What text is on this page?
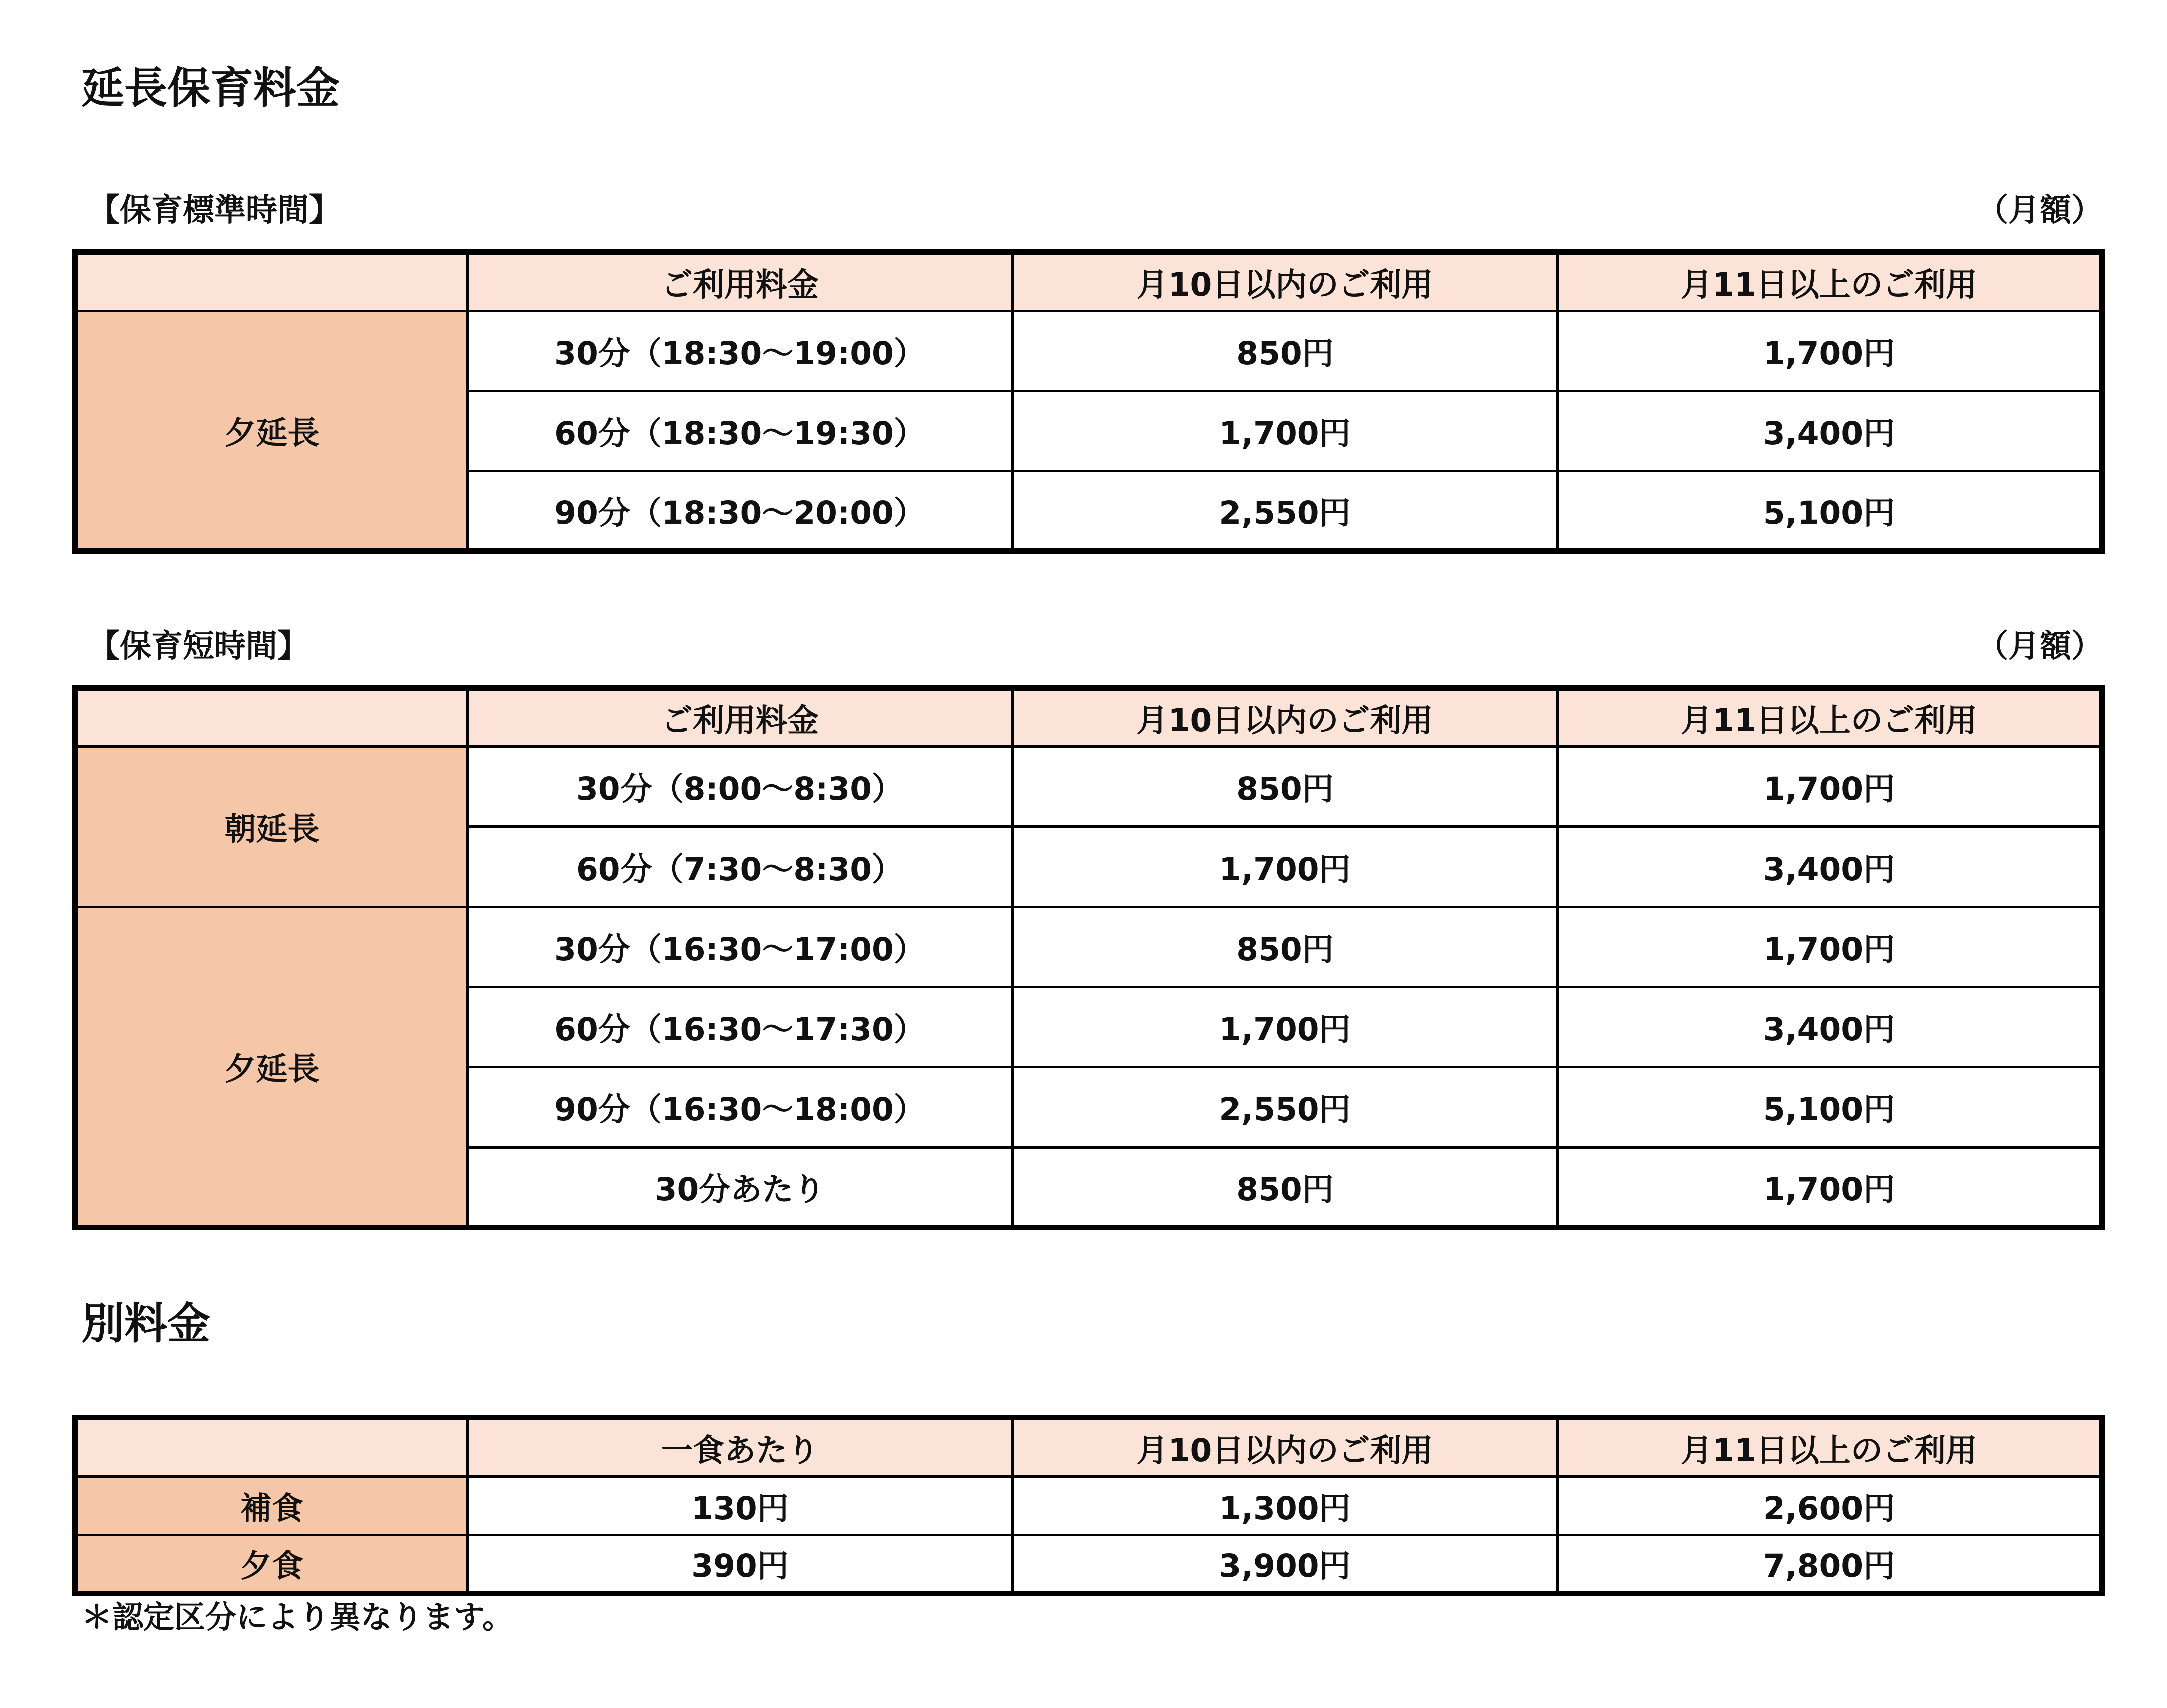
延長保育料金
【保育標準時間】	（月額）
	ご利用料金	月10日以内のご利用	月11日以上のご利用
夕延長	30分（18:30〜19:00）	850円	1,700円
	60分（18:30〜19:30）	1,700円	3,400円
	90分（18:30〜20:00）	2,550円	5,100円
【保育短時間】	（月額）
	ご利用料金	月10日以内のご利用	月11日以上のご利用
朝延長	30分（8:00〜8:30）	850円	1,700円
	60分（7:30〜8:30）	1,700円	3,400円
夕延長	30分（16:30〜17:00）	850円	1,700円
	60分（16:30〜17:30）	1,700円	3,400円
	90分（16:30〜18:00）	2,550円	5,100円
	30分あたり	850円	1,700円
別料金
	一食あたり	月10日以内のご利用	月11日以上のご利用
補食	130円	1,300円	2,600円
夕食	390円	3,900円	7,800円
＊認定区分により異なります。
